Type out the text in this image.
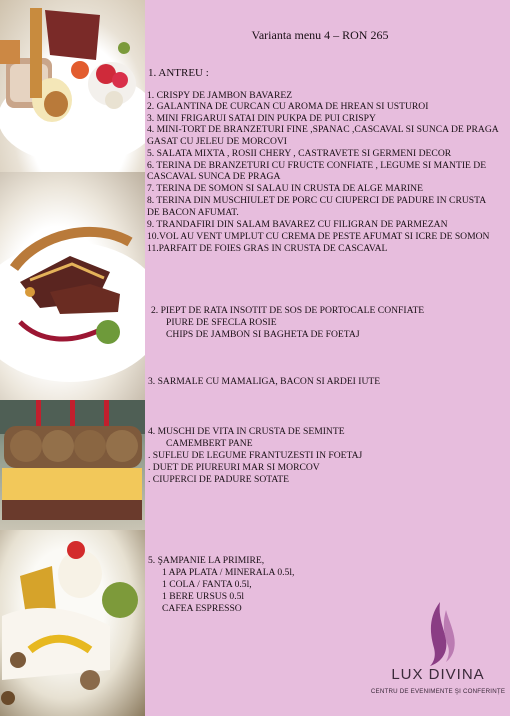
Varianta menu 4 – RON 265
1. ANTREU :
1. CRISPY DE JAMBON BAVAREZ
2. GALANTINA DE CURCAN CU AROMA DE HREAN SI USTUROI
3. MINI FRIGARUI SATAI DIN PUKPA DE PUI CRISPY
4. MINI-TORT DE BRANZETURI FINE ,SPANAC ,CASCAVAL SI SUNCA DE PRAGA
GASAT CU JELEU DE MORCOVI
5. SALATA MIXTA , ROSII CHERY , CASTRAVETE SI GERMENI DECOR
6. TERINA DE BRANZETURI CU FRUCTE CONFIATE , LEGUME SI MANTIE DE
CASCAVAL SUNCA DE PRAGA
7. TERINA DE SOMON SI SALAU IN CRUSTA DE ALGE MARINE
8. TERINA DIN MUSCHIULET DE PORC CU CIUPERCI DE PADURE IN CRUSTA
DE BACON AFUMAT.
9. TRANDAFIRI DIN SALAM BAVAREZ CU FILIGRAN DE PARMEZAN
10.VOL AU VENT UMPLUT CU CREMA DE PESTE AFUMAT SI ICRE DE SOMON
11.PARFAIT DE FOIES GRAS IN CRUSTA DE CASCAVAL
2. PIEPT DE RATA INSOTIT DE SOS DE PORTOCALE CONFIATE
PIURE DE SFECLA ROSIE
CHIPS DE JAMBON SI BAGHETA DE FOETAJ
3. SARMALE CU MAMALIGA, BACON SI ARDEI IUTE
4. MUSCHI DE VITA IN CRUSTA DE SEMINTE
CAMEMBERT PANE
. SUFLEU DE LEGUME FRANTUZESTI IN FOETAJ
. DUET DE PIUREURI MAR SI MORCOV
. CIUPERCI DE PADURE SOTATE
5. ŞAMPANIE LA PRIMIRE,
1 APA PLATA / MINERALA 0.5l,
1 COLA / FANTA 0.5l,
1 BERE URSUS 0.5l
CAFEA ESPRESSO
LUX DIVINA
CENTRU DE EVENIMENTE ŞI CONFERINȚE
